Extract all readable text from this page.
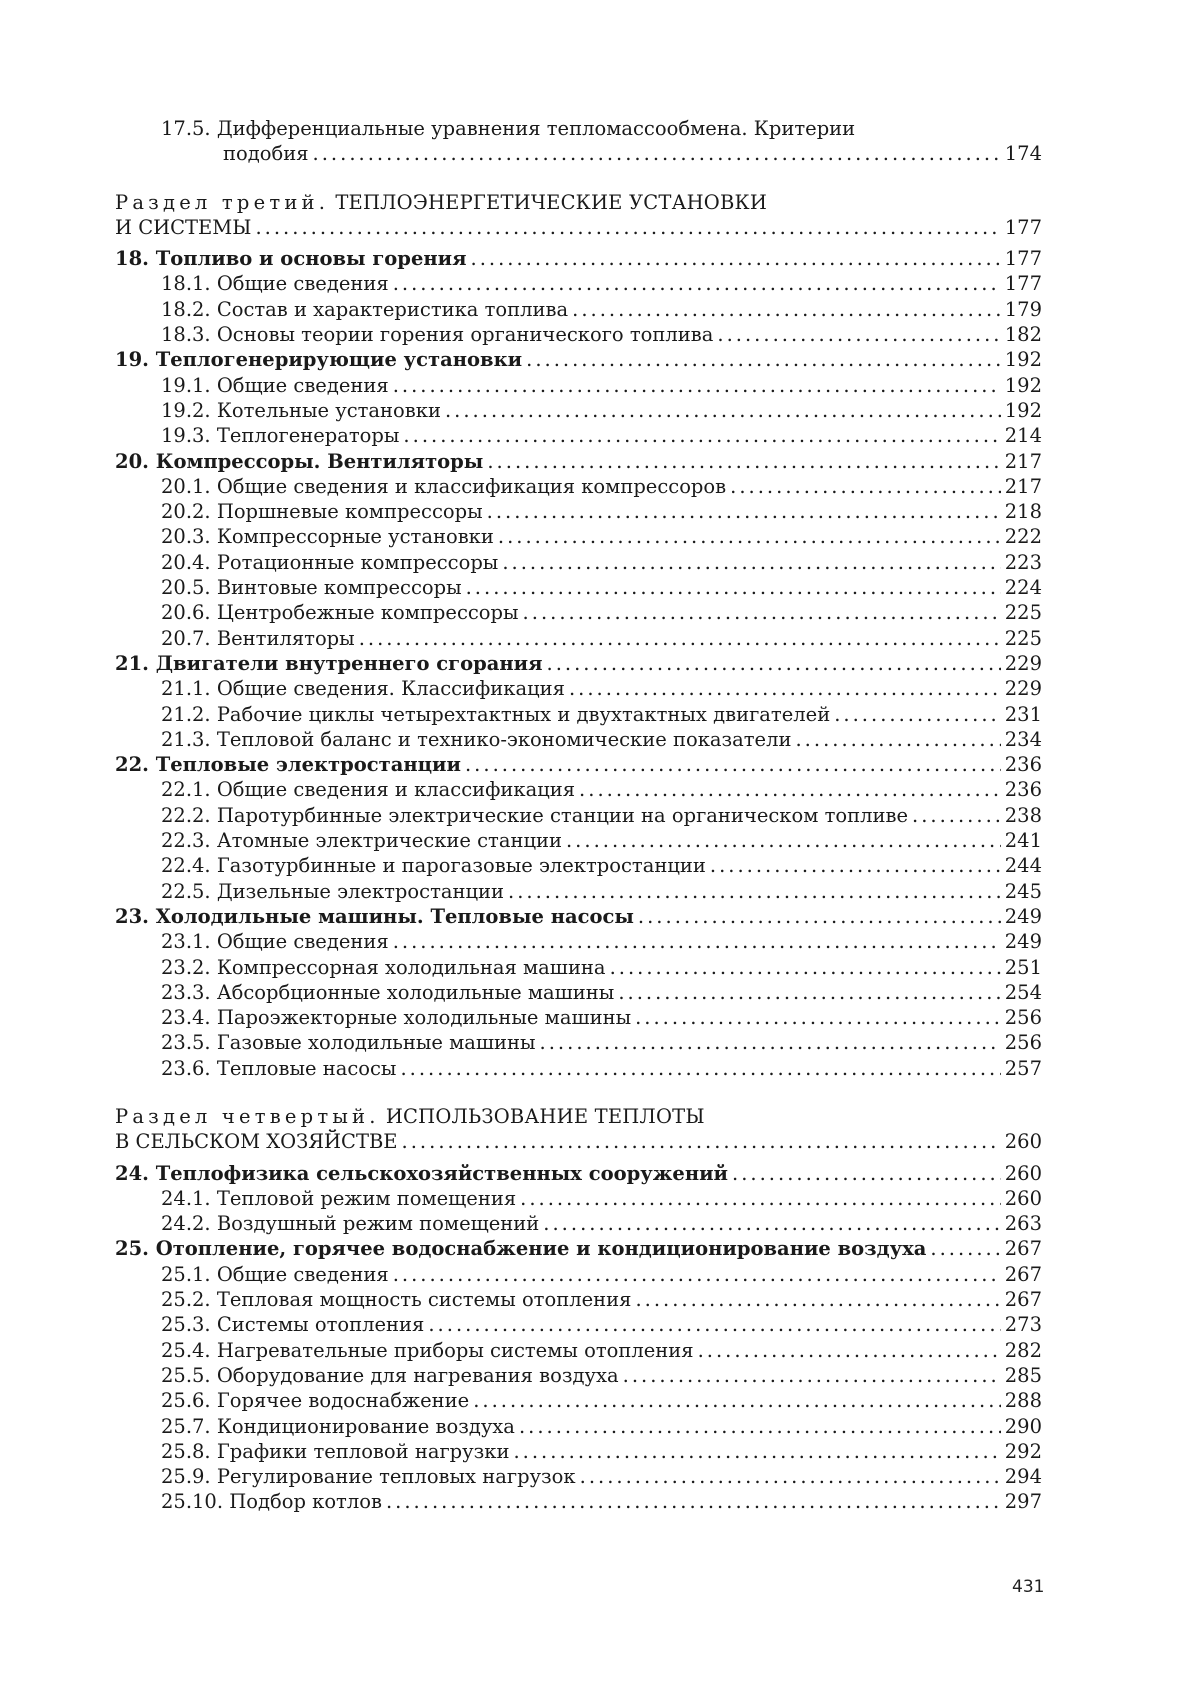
17.5. Дифференциальные уравнения тепломассообмена. Критерии
подобия . . .	174
Раздел третий. ТЕПЛОЭНЕРГЕТИЧЕСКИЕ УСТАНОВКИ
И СИСТЕМЫ . . .	177
18. Топливо и основы горения . . .	177
18.1. Общие сведения . . .	177
18.2. Состав и характеристика топлива . . .	179
18.3. Основы теории горения органического топлива . . .	182
19. Теплогенерирующие установки . . .	192
19.1. Общие сведения . . .	192
19.2. Котельные установки . . .	192
19.3. Теплогенераторы . . .	214
20. Компрессоры. Вентиляторы . . .	217
20.1. Общие сведения и классификация компрессоров . . .	217
20.2. Поршневые компрессоры . . .	218
20.3. Компрессорные установки . . .	222
20.4. Ротационные компрессоры . . .	223
20.5. Винтовые компрессоры . . .	224
20.6. Центробежные компрессоры . . .	225
20.7. Вентиляторы . . .	225
21. Двигатели внутреннего сгорания . . .	229
21.1. Общие сведения. Классификация . . .	229
21.2. Рабочие циклы четырехтактных и двухтактных двигателей . . .	231
21.3. Тепловой баланс и технико-экономические показатели . . .	234
22. Тепловые электростанции . . .	236
22.1. Общие сведения и классификация . . .	236
22.2. Паротурбинные электрические станции на органическом топливе . . .	238
22.3. Атомные электрические станции . . .	241
22.4. Газотурбинные и парогазовые электростанции . . .	244
22.5. Дизельные электростанции . . .	245
23. Холодильные машины. Тепловые насосы . . .	249
23.1. Общие сведения . . .	249
23.2. Компрессорная холодильная машина . . .	251
23.3. Абсорбционные холодильные машины . . .	254
23.4. Пароэжекторные холодильные машины . . .	256
23.5. Газовые холодильные машины . . .	256
23.6. Тепловые насосы . . .	257
Раздел четвертый. ИСПОЛЬЗОВАНИЕ ТЕПЛОТЫ
В СЕЛЬСКОМ ХОЗЯЙСТВЕ . . .	260
24. Теплофизика сельскохозяйственных сооружений . . .	260
24.1. Тепловой режим помещения . . .	260
24.2. Воздушный режим помещений . . .	263
25. Отопление, горячее водоснабжение и кондиционирование воздуха . . .	267
25.1. Общие сведения . . .	267
25.2. Тепловая мощность системы отопления . . .	267
25.3. Системы отопления . . .	273
25.4. Нагревательные приборы системы отопления . . .	282
25.5. Оборудование для нагревания воздуха . . .	285
25.6. Горячее водоснабжение . . .	288
25.7. Кондиционирование воздуха . . .	290
25.8. Графики тепловой нагрузки . . .	292
25.9. Регулирование тепловых нагрузок . . .	294
25.10. Подбор котлов . . .	297
431
